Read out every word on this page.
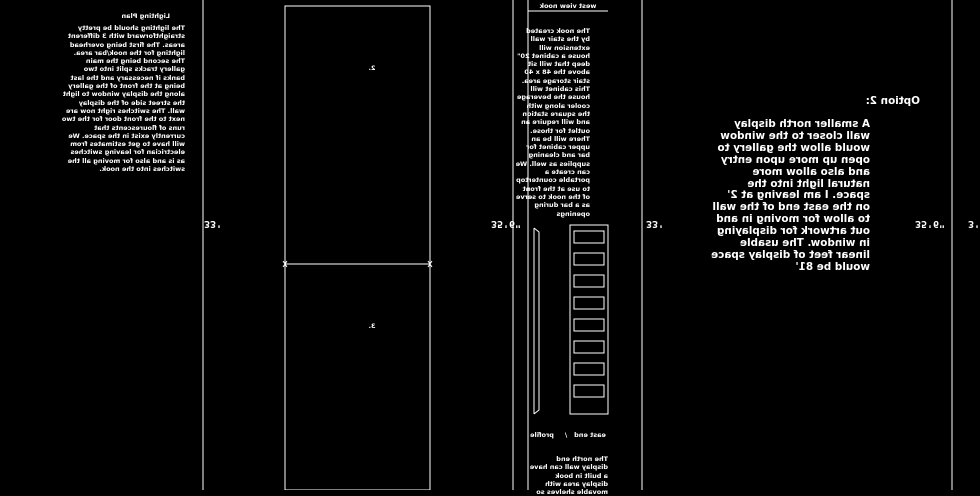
Lighting Plan
The lighting should be pretty straightforward with 3 different areas. The first being overhead lighting for the nook/bar area. The second being the main gallery tracks split into two banks if necessary and the last being at the front of the gallery along the display window to light the street side of the display wall. The switches right now are next to the front door for the two runs of flourescents that currently exist in the space. We will have to get estimates from electrician for leaving switches as is and also for moving all the switches into the nook.
The nook created by the stair wall extension will house a cabinet 20" deep that will sit above the 48 x 40 stair storage area. This cabinet will house the beverage cooler along with the square station and will require an outlet for those. There will be an upper cabinet for bar and cleaning supplies as well. We can create a portable countertop to use at the front of the nook to serve as a bar during openings
west view nook
east end
/
profile
The north end display wall can have a built in book display area with movable shelves so
Option 2:
A smaller north display wall closer to the window would allow the gallery to open up more upon entry and also allow more natural light into the space. I am leaving at 2' on the east end of the wall to allow for moving in and out artwork for displaying in window. The usable linear feet of display space would be 81'
33'	35'6"	33'	35'6"	3'
2.
3.
